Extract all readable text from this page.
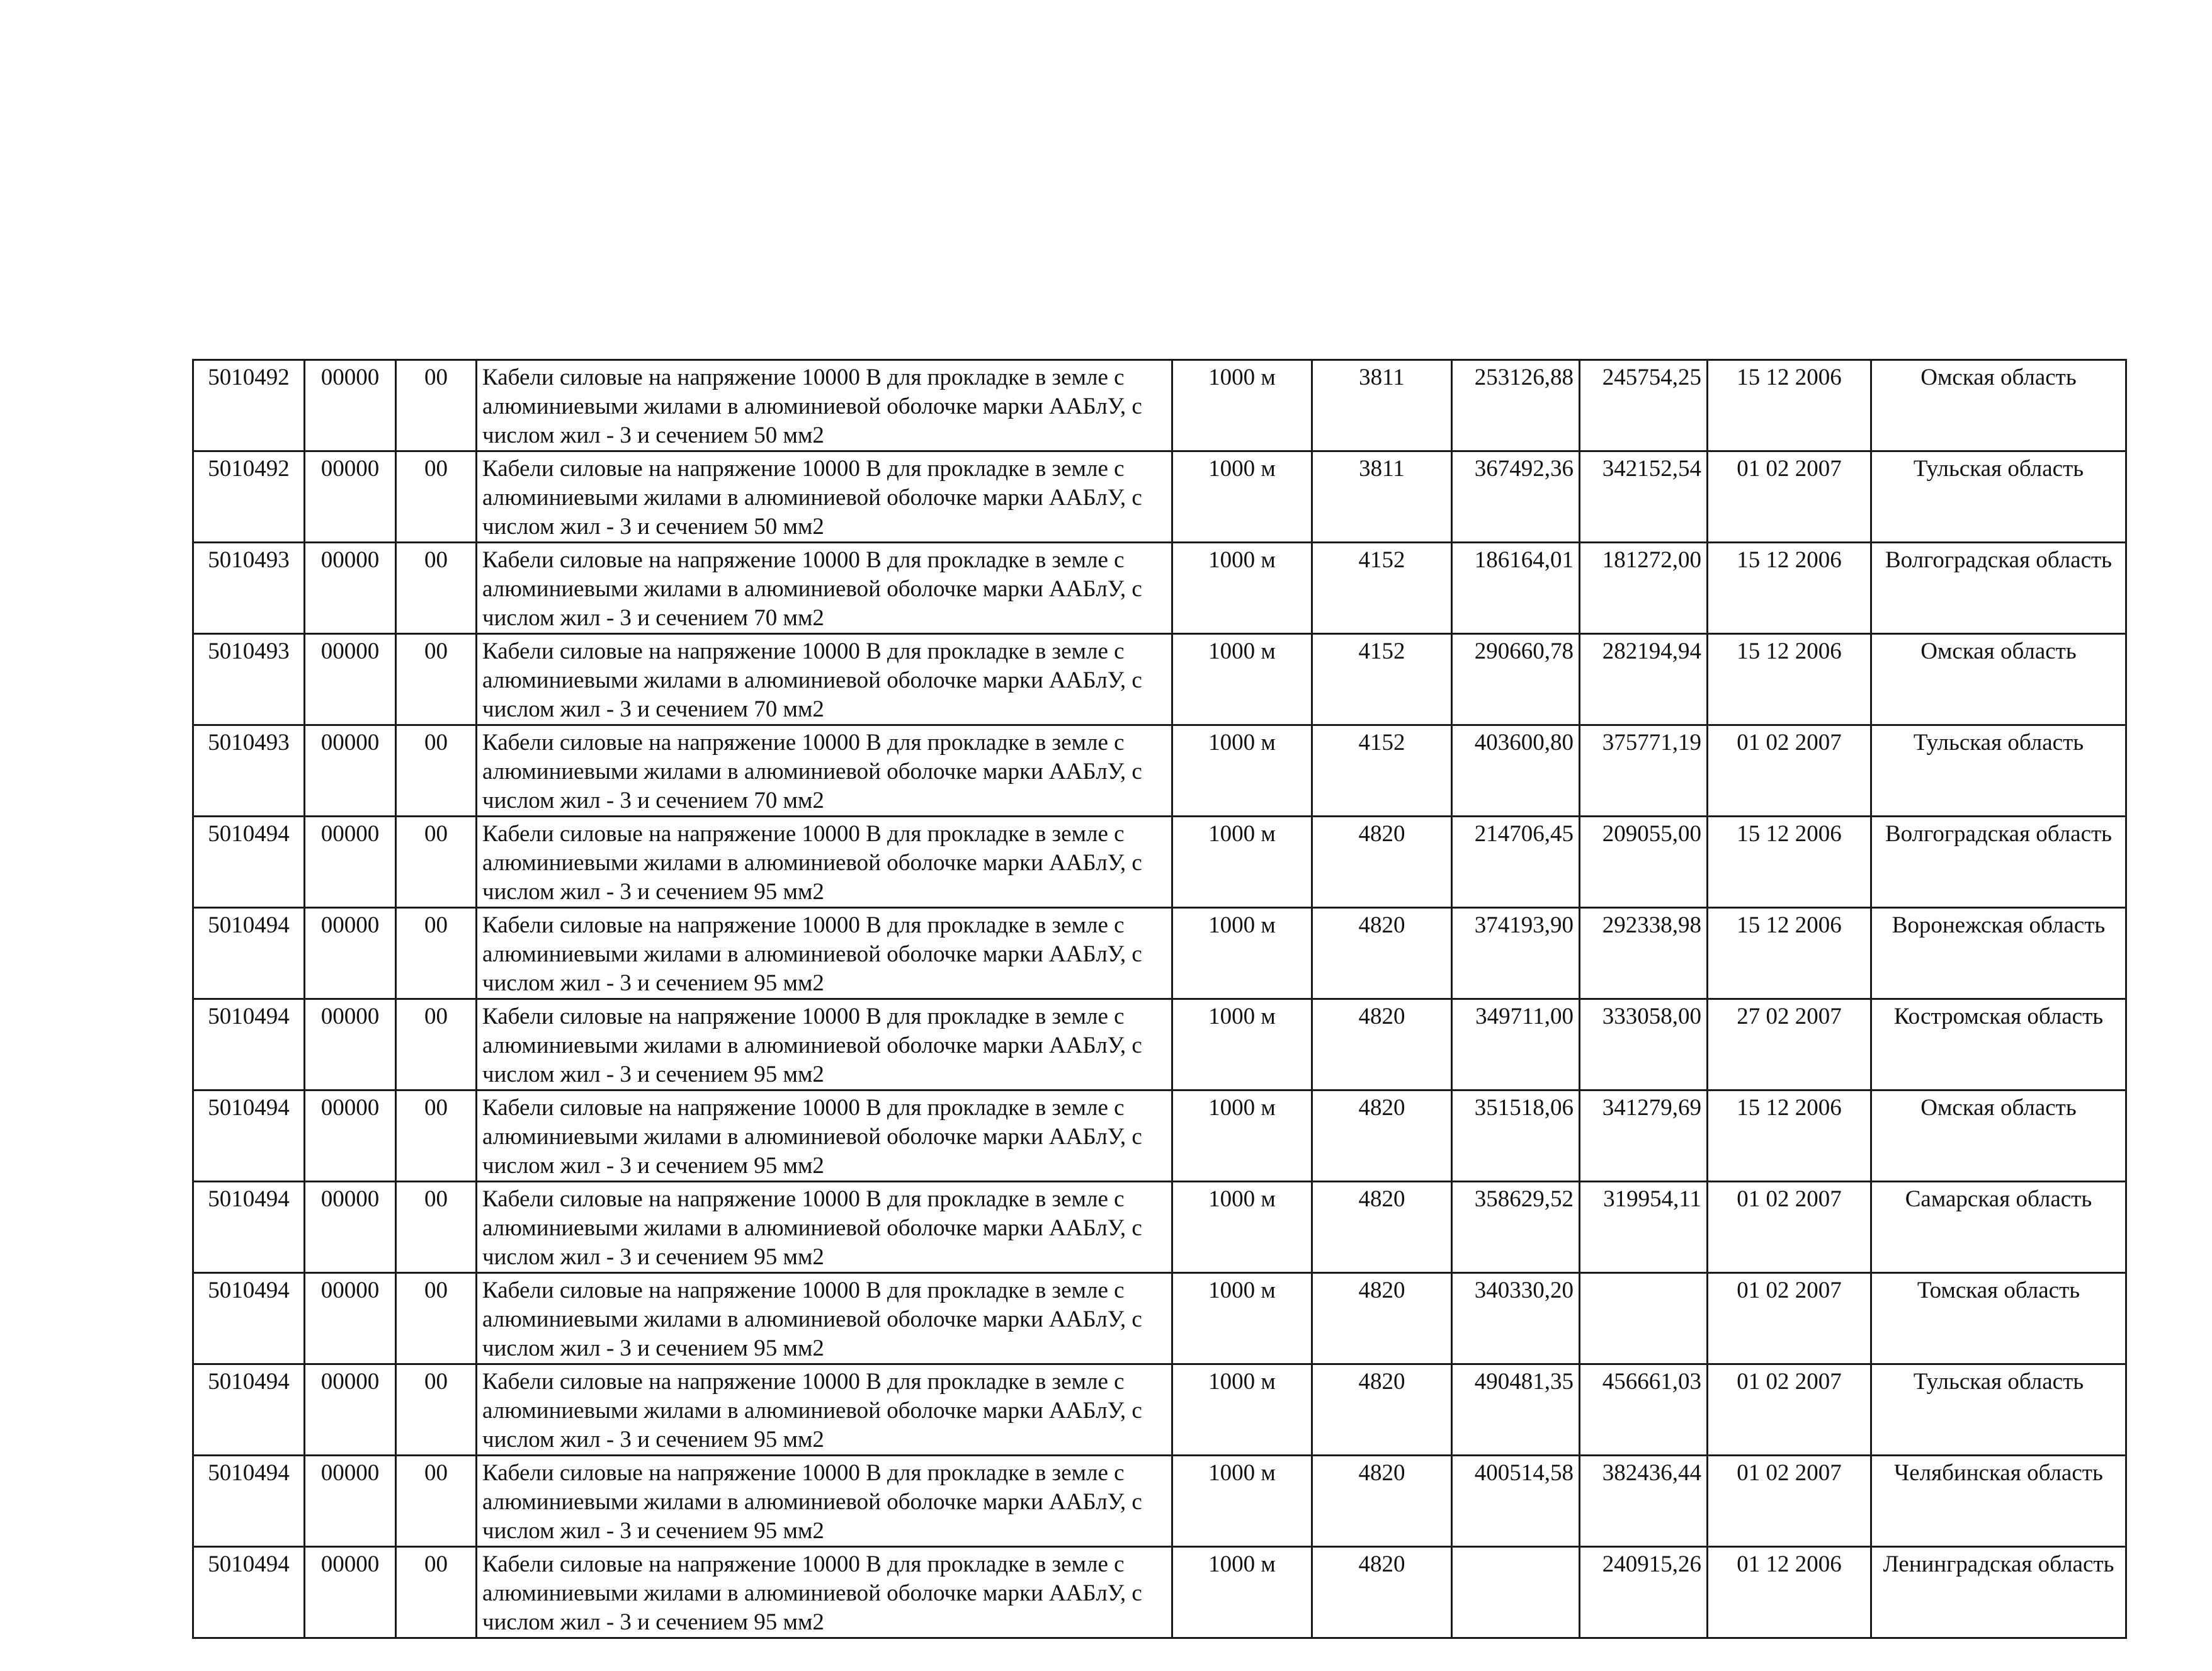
5010492	00000	00	Кабели силовые на напряжение 10000 В для прокладке в земле с алюминиевыми жилами в алюминиевой оболочке марки ААБлУ, с числом жил - 3 и сечением 50 мм2	1000 м	3811	253126,88	245754,25	15 12 2006	Омская область
5010492	00000	00	Кабели силовые на напряжение 10000 В для прокладке в земле с алюминиевыми жилами в алюминиевой оболочке марки ААБлУ, с числом жил - 3 и сечением 50 мм2	1000 м	3811	367492,36	342152,54	01 02 2007	Тульская область
5010493	00000	00	Кабели силовые на напряжение 10000 В для прокладке в земле с алюминиевыми жилами в алюминиевой оболочке марки ААБлУ, с числом жил - 3 и сечением 70 мм2	1000 м	4152	186164,01	181272,00	15 12 2006	Волгоградская область
5010493	00000	00	Кабели силовые на напряжение 10000 В для прокладке в земле с алюминиевыми жилами в алюминиевой оболочке марки ААБлУ, с числом жил - 3 и сечением 70 мм2	1000 м	4152	290660,78	282194,94	15 12 2006	Омская область
5010493	00000	00	Кабели силовые на напряжение 10000 В для прокладке в земле с алюминиевыми жилами в алюминиевой оболочке марки ААБлУ, с числом жил - 3 и сечением 70 мм2	1000 м	4152	403600,80	375771,19	01 02 2007	Тульская область
5010494	00000	00	Кабели силовые на напряжение 10000 В для прокладке в земле с алюминиевыми жилами в алюминиевой оболочке марки ААБлУ, с числом жил - 3 и сечением 95 мм2	1000 м	4820	214706,45	209055,00	15 12 2006	Волгоградская область
5010494	00000	00	Кабели силовые на напряжение 10000 В для прокладке в земле с алюминиевыми жилами в алюминиевой оболочке марки ААБлУ, с числом жил - 3 и сечением 95 мм2	1000 м	4820	374193,90	292338,98	15 12 2006	Воронежская область
5010494	00000	00	Кабели силовые на напряжение 10000 В для прокладке в земле с алюминиевыми жилами в алюминиевой оболочке марки ААБлУ, с числом жил - 3 и сечением 95 мм2	1000 м	4820	349711,00	333058,00	27 02 2007	Костромская область
5010494	00000	00	Кабели силовые на напряжение 10000 В для прокладке в земле с алюминиевыми жилами в алюминиевой оболочке марки ААБлУ, с числом жил - 3 и сечением 95 мм2	1000 м	4820	351518,06	341279,69	15 12 2006	Омская область
5010494	00000	00	Кабели силовые на напряжение 10000 В для прокладке в земле с алюминиевыми жилами в алюминиевой оболочке марки ААБлУ, с числом жил - 3 и сечением 95 мм2	1000 м	4820	358629,52	319954,11	01 02 2007	Самарская область
5010494	00000	00	Кабели силовые на напряжение 10000 В для прокладке в земле с алюминиевыми жилами в алюминиевой оболочке марки ААБлУ, с числом жил - 3 и сечением 95 мм2	1000 м	4820	340330,20		01 02 2007	Томская область
5010494	00000	00	Кабели силовые на напряжение 10000 В для прокладке в земле с алюминиевыми жилами в алюминиевой оболочке марки ААБлУ, с числом жил - 3 и сечением 95 мм2	1000 м	4820	490481,35	456661,03	01 02 2007	Тульская область
5010494	00000	00	Кабели силовые на напряжение 10000 В для прокладке в земле с алюминиевыми жилами в алюминиевой оболочке марки ААБлУ, с числом жил - 3 и сечением 95 мм2	1000 м	4820	400514,58	382436,44	01 02 2007	Челябинская область
5010494	00000	00	Кабели силовые на напряжение 10000 В для прокладке в земле с алюминиевыми жилами в алюминиевой оболочке марки ААБлУ, с числом жил - 3 и сечением 95 мм2	1000 м	4820		240915,26	01 12 2006	Ленинградская область
